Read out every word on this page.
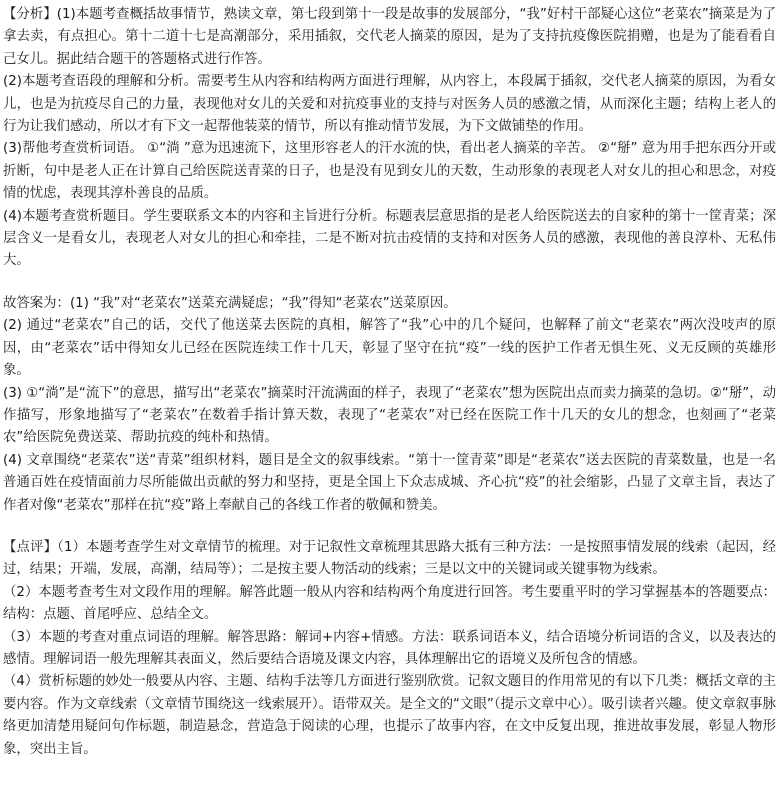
【分析】(1)本题考查概括故事情节，熟读文章，第七段到第十一段是故事的发展部分，“我”好村干部疑心这位“老菜农”摘菜是为了拿去卖，有点担心。第十二道十七是高潮部分，采用插叙，交代老人摘菜的原因，是为了支持抗疫像医院捐赠，也是为了能看看自己女儿。据此结合题干的答题格式进行作答。

(2)本题考查语段的理解和分析。需要考生从内容和结构两方面进行理解，从内容上，本段属于插叙，交代老人摘菜的原因，为看女儿，也是为抗疫尽自己的力量，表现他对女儿的关爱和对抗疫事业的支持与对医务人员的感激之情，从而深化主题；结构上老人的行为让我们感动，所以才有下文一起帮他装菜的情节，所以有推动情节发展，为下文做铺垫的作用。

(3)帮他考查赏析词语。 ①“淌 ”意为迅速流下，这里形容老人的汗水流的快，看出老人摘菜的辛苦。 ②“掰” 意为用手把东西分开或折断，句中是老人正在计算自己给医院送青菜的日子，也是没有见到女儿的天数，生动形象的表现老人对女儿的担心和思念，对疫情的忧虑，表现其淳朴善良的品质。

(4)本题考查赏析题目。学生要联系文本的内容和主旨进行分析。标题表层意思指的是老人给医院送去的自家种的第十一筐青菜；深层含义一是看女儿，表现老人对女儿的担心和牵挂，二是不断对抗击疫情的支持和对医务人员的感激，表现他的善良淳朴、无私伟大。

故答案为：(1) “我”对“老菜农”送菜充满疑虑；“我”得知“老菜农”送菜原因。

(2) 通过“老菜农”自己的话，交代了他送菜去医院的真相，解答了“我”心中的几个疑问，也解释了前文“老菜农”两次没吱声的原因，由“老菜农”话中得知女儿已经在医院连续工作十几天，彰显了坚守在抗“疫”一线的医护工作者无惧生死、义无反顾的英雄形象。

(3) ①“淌”是“流下”的意思，描写出“老菜农”摘菜时汗流满面的样子，表现了“老菜农”想为医院出点而卖力摘菜的急切。②“掰”，动作描写，形象地描写了“老菜农”在数着手指计算天数，表现了“老菜农”对已经在医院工作十几天的女儿的想念，也刻画了“老菜农”给医院免费送菜、帮助抗疫的纯朴和热情。

(4) 文章围绕“老菜农”送“青菜”组织材料，题目是全文的叙事线索。“第十一筐青菜”即是“老菜农”送去医院的青菜数量，也是一名普通百姓在疫情面前力尽所能做出贡献的努力和坚持，更是全国上下众志成城、齐心抗“疫”的社会缩影，凸显了文章主旨，表达了作者对像“老菜农”那样在抗“疫”路上奉献自己的各线工作者的敬佩和赞美。

【点评】（1）本题考查学生对文章情节的梳理。对于记叙性文章梳理其思路大抵有三种方法：一是按照事情发展的线索（起因，经过，结果；开端，发展，高潮，结局等）；二是按主要人物活动的线索；三是以文中的关键词或关键事物为线索。

（2）本题考查考生对文段作用的理解。解答此题一般从内容和结构两个角度进行回答。考生要重平时的学习掌握基本的答题要点：结构：点题、首尾呼应、总结全文。

（3）本题的考查对重点词语的理解。解答思路：解词+内容+情感。方法：联系词语本义，结合语境分析词语的含义，以及表达的感情。理解词语一般先理解其表面义，然后要结合语境及课文内容，具体理解出它的语境义及所包含的情感。

（4）赏析标题的妙处一般要从内容、主题、结构手法等几方面进行鉴别欣赏。记叙文题目的作用常见的有以下几类：概括文章的主要内容。作为文章线索（文章情节围绕这一线索展开）。语带双关。是全文的“文眼”（提示文章中心）。吸引读者兴趣。使文章叙事脉络更加清楚用疑问句作标题，制造悬念，营造急于阅读的心理，也提示了故事内容，在文中反复出现，推进故事发展，彰显人物形象，突出主旨。
